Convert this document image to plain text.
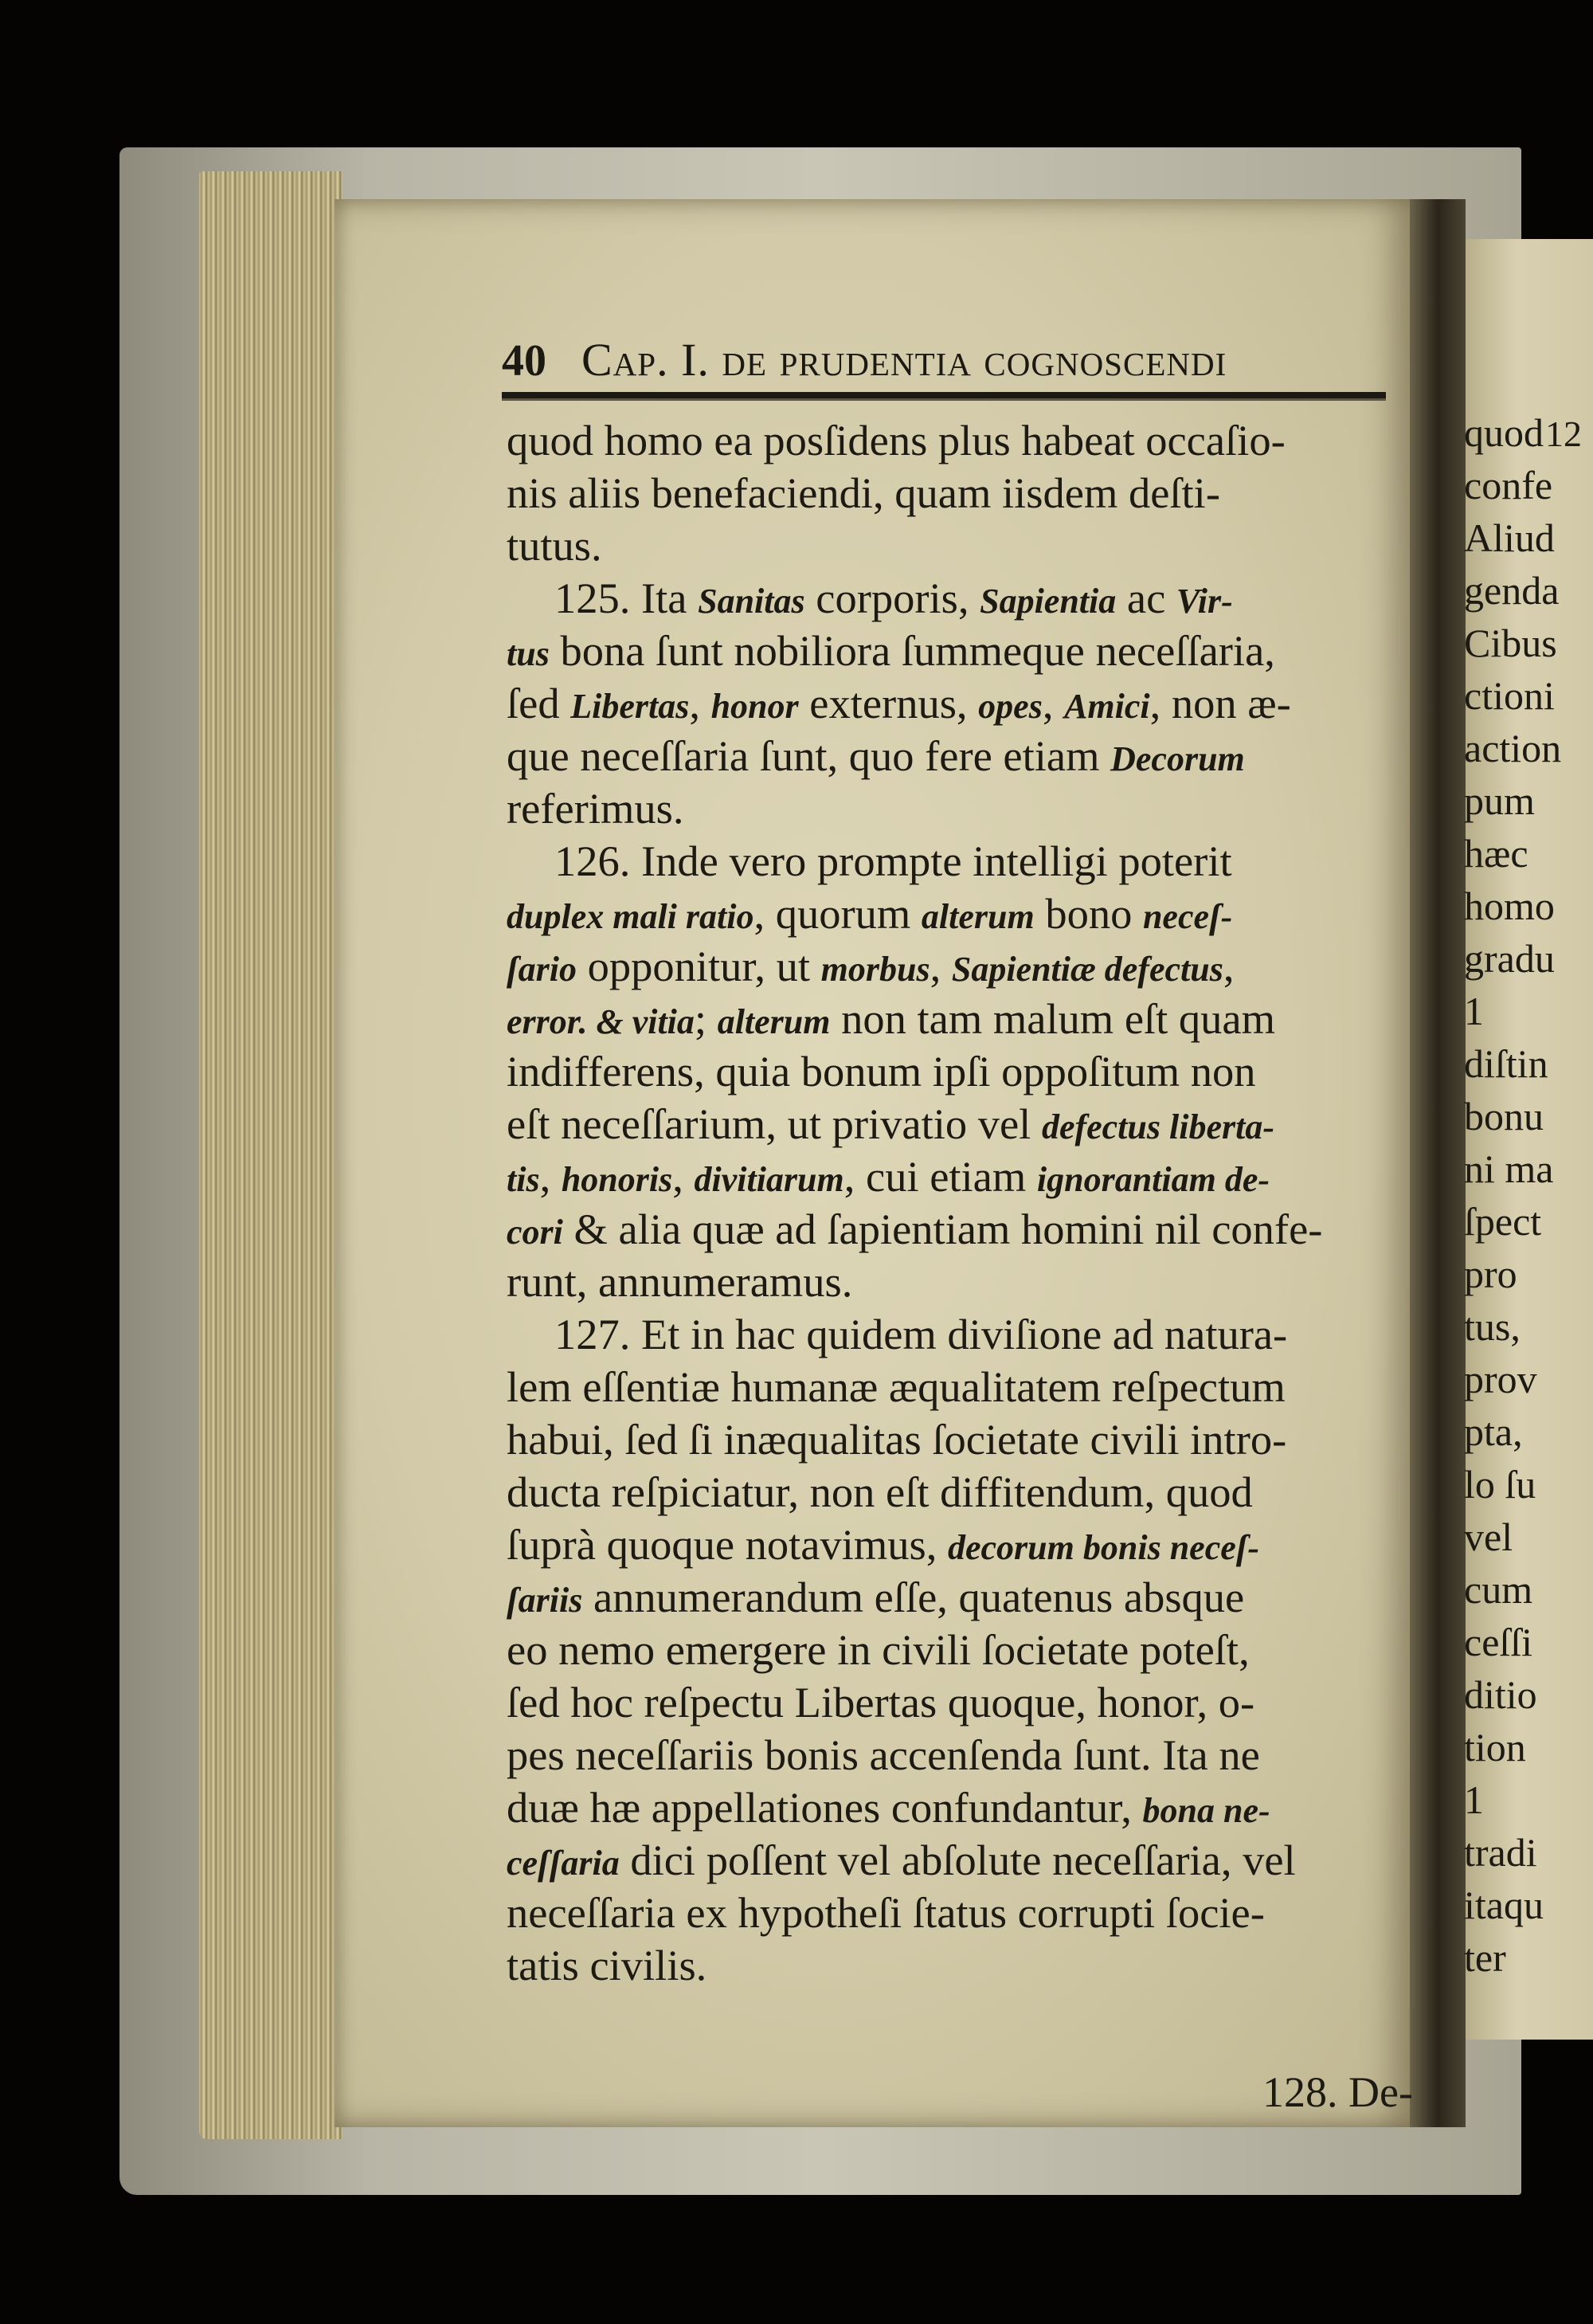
40 Cap. I. de prudentia cognoscendi
quod homo ea posſidens plus habeat occaſio-
nis aliis benefaciendi, quam iisdem deſti-
tutus.
125. Ita Sanitas corporis, Sapientia ac Vir-
tus bona ſunt nobiliora ſummeque neceſſaria,
ſed Libertas, honor externus, opes, Amici, non æ-
que neceſſaria ſunt, quo fere etiam Decorum
referimus.
126. Inde vero prompte intelligi poterit
duplex mali ratio, quorum alterum bono neceſ-
ſario opponitur, ut morbus, Sapientiæ defectus,
error. & vitia; alterum non tam malum eſt quam
indifferens, quia bonum ipſi oppoſitum non
eſt neceſſarium, ut privatio vel defectus liberta-
tis, honoris, divitiarum, cui etiam ignorantiam de-
cori & alia quæ ad ſapientiam homini nil confe-
runt, annumeramus.
127. Et in hac quidem diviſione ad natura-
lem eſſentiæ humanæ æqualitatem reſpectum
habui, ſed ſi inæqualitas ſocietate civili intro-
ducta reſpiciatur, non eſt diffitendum, quod
ſuprà quoque notavimus, decorum bonis neceſ-
ſariis annumerandum eſſe, quatenus absque
eo nemo emergere in civili ſocietate poteſt,
ſed hoc reſpectu Libertas quoque, honor, o-
pes neceſſariis bonis accenſenda ſunt. Ita ne
duæ hæ appellationes confundantur, bona ne-
ceſſaria dici poſſent vel abſolute neceſſaria, vel
neceſſaria ex hypotheſi ſtatus corrupti ſocie-
tatis civilis.
128. De-
12
quod
confe
Aliud
genda
Cibus
ctioni
action
pum
hæc
homo
gradu
1
diſtin
bonu
ni ma
ſpect
pro
tus,
prov
pta,
lo ſu
vel
cum
ceſſi
ditio
tion
1
tradi
itaqu
ter
